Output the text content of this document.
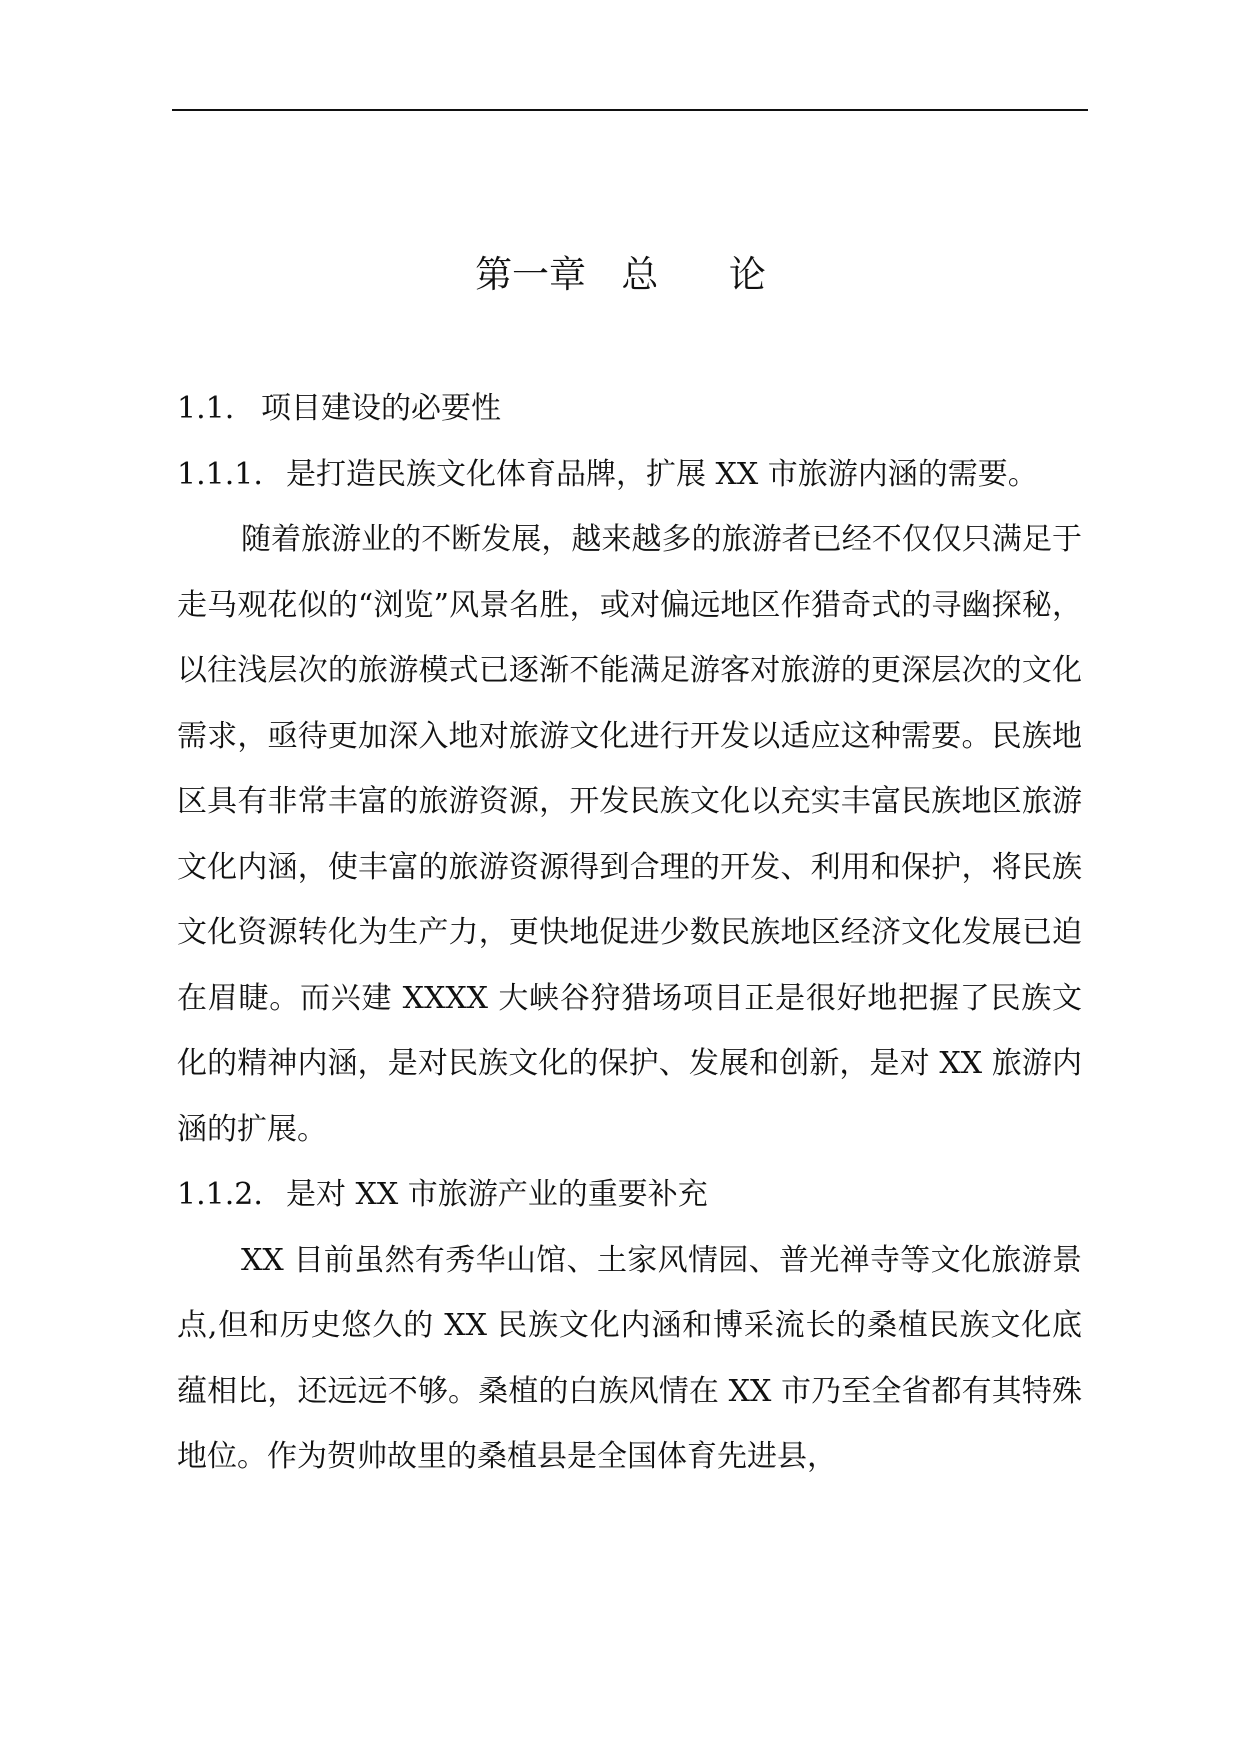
第一章   总      论
1.1. 项目建设的必要性
1.1.1. 是打造民族文化体育品牌，扩展 XX 市旅游内涵的需要。

随着旅游业的不断发展，越来越多的旅游者已经不仅仅只满足于走马观花似的“浏览”风景名胜，或对偏远地区作猎奇式的寻幽探秘，以往浅层次的旅游模式已逐渐不能满足游客对旅游的更深层次的文化需求，亟待更加深入地对旅游文化进行开发以适应这种需要。民族地区具有非常丰富的旅游资源，开发民族文化以充实丰富民族地区旅游文化内涵，使丰富的旅游资源得到合理的开发、利用和保护，将民族文化资源转化为生产力，更快地促进少数民族地区经济文化发展已迫在眉睫。而兴建 XXXX 大峡谷狩猎场项目正是很好地把握了民族文化的精神内涵，是对民族文化的保护、发展和创新，是对 XX 旅游内涵的扩展。

1.1.2. 是对 XX 市旅游产业的重要补充

XX 目前虽然有秀华山馆、土家风情园、普光禅寺等文化旅游景点,但和历史悠久的 XX 民族文化内涵和博采流长的桑植民族文化底蕴相比，还远远不够。桑植的白族风情在 XX 市乃至全省都有其特殊地位。作为贺帅故里的桑植县是全国体育先进县，
